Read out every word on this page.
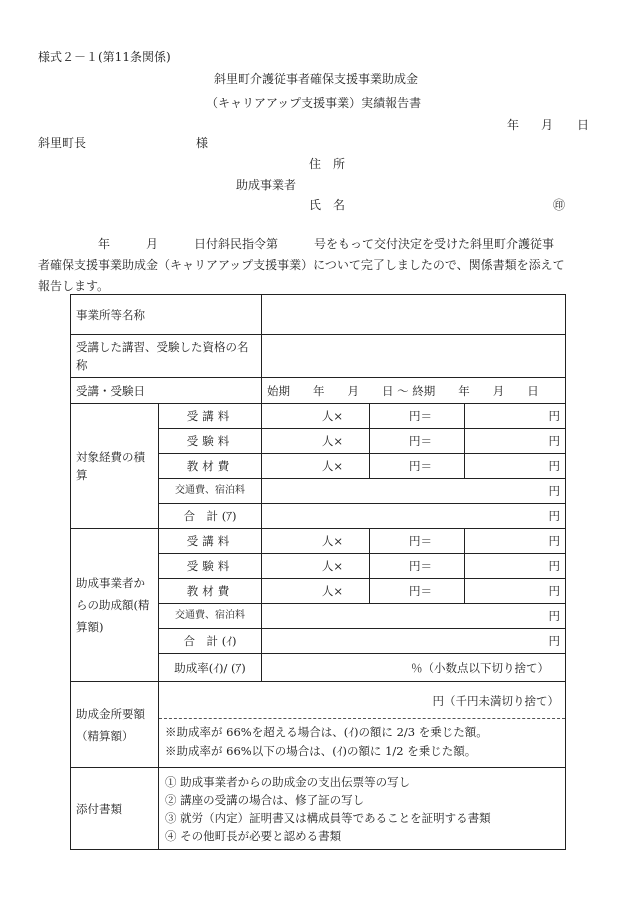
様式２－１(第11条関係)
斜里町介護従事者確保支援事業助成金
（キャリアアップ支援事業）実績報告書
年 月 日
斜里町長	様
住　所
助成事業者
氏　名	㊞
　　　　　年　　　月　　　日付斜民指令第　　　号をもって交付決定を受けた斜里町介護従事
者確保支援事業助成金（キャリアアップ支援事業）について完了しましたので、関係書類を添えて
報告します。
事業所等名称				
受講した講習、受験した資格の名称				
受講・受験日		始期　　年　　月　　日 ～ 終期　　年　　月　　日		
対象経費の積算	受講料	人×	円＝	円
	受験料	人×	円＝	円
	教材費	人×	円＝	円
	交通費、宿泊料	円		
	合　計 (ｱ)	円		
助成事業者からの助成額(精算額)	受講料	人×	円＝	円
	受験料	人×	円＝	円
	教材費	人×	円＝	円
	交通費、宿泊料	円		
	合　計 (ｲ)	円		
	助成率(ｲ)/ (ｱ)	％（小数点以下切り捨て）		
助成金所要額（精算額）	円（千円未満切り捨て）
※助成率が 66%を超える場合は、(ｲ)の額に 2/3 を乗じた額。
※助成率が 66%以下の場合は、(ｲ)の額に 1/2 を乗じた額。			

添付書類	① 助成事業者からの助成金の支出伝票等の写し
② 講座の受講の場合は、修了証の写し
③ 就労（内定）証明書又は構成員等であることを証明する書類
④ その他町長が必要と認める書類			
